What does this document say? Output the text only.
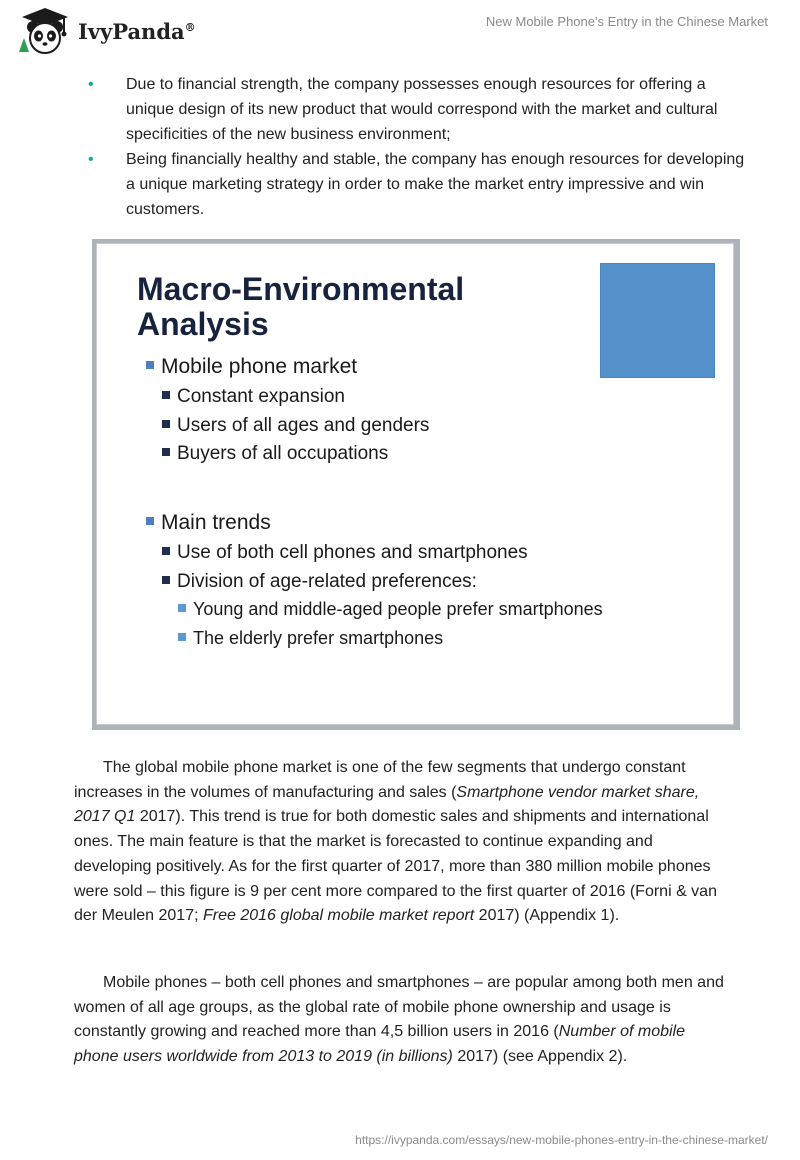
IvyPanda®	New Mobile Phone's Entry in the Chinese Market
• Due to financial strength, the company possesses enough resources for offering a unique design of its new product that would correspond with the market and cultural specificities of the new business environment;
• Being financially healthy and stable, the company has enough resources for developing a unique marketing strategy in order to make the market entry impressive and win customers.
Macro-Environmental
Analysis
Mobile phone market
Constant expansion
Users of all ages and genders
Buyers of all occupations
Main trends
Use of both cell phones and smartphones
Division of age-related preferences:
Young and middle-aged people prefer smartphones
The elderly prefer smartphones

The global mobile phone market is one of the few segments that undergo constant increases in the volumes of manufacturing and sales (Smartphone vendor market share, 2017 Q1 2017). This trend is true for both domestic sales and shipments and international ones. The main feature is that the market is forecasted to continue expanding and developing positively. As for the first quarter of 2017, more than 380 million mobile phones were sold – this figure is 9 per cent more compared to the first quarter of 2016 (Forni & van der Meulen 2017; Free 2016 global mobile market report 2017) (Appendix 1).

Mobile phones – both cell phones and smartphones – are popular among both men and women of all age groups, as the global rate of mobile phone ownership and usage is constantly growing and reached more than 4,5 billion users in 2016 (Number of mobile phone users worldwide from 2013 to 2019 (in billions) 2017) (see Appendix 2).

https://ivypanda.com/essays/new-mobile-phones-entry-in-the-chinese-market/
